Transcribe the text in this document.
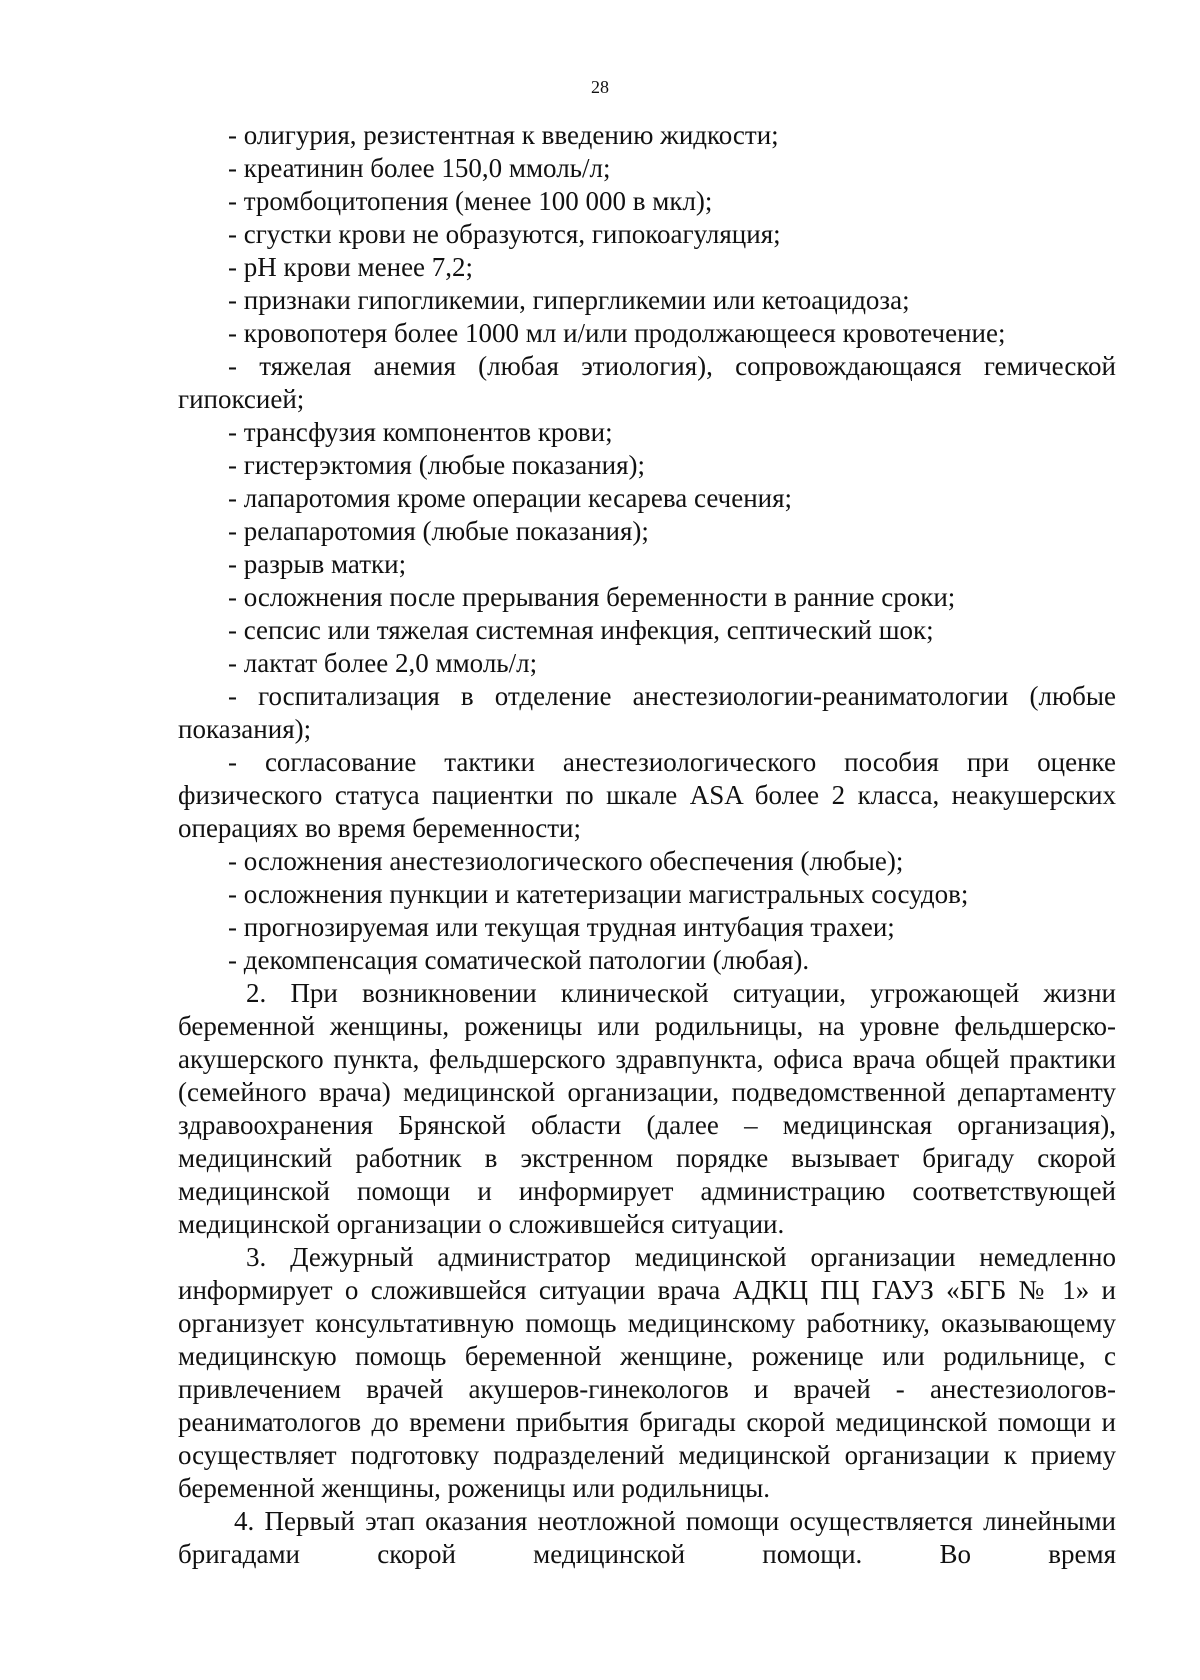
28

- олигурия, резистентная к введению жидкости;

- креатинин более 150,0 ммоль/л;

- тромбоцитопения (менее 100 000 в мкл);

- сгустки крови не образуются, гипокоагуляция;

- pH крови менее 7,2;

- признаки гипогликемии, гипергликемии или кетоацидоза;

- кровопотеря более 1000 мл и/или продолжающееся кровотечение;

- тяжелая анемия (любая этиология), сопровождающаяся гемической гипоксией;

- трансфузия компонентов крови;

- гистерэктомия (любые показания);

- лапаротомия кроме операции кесарева сечения;

- релапаротомия (любые показания);

- разрыв матки;

- осложнения после прерывания беременности в ранние сроки;

- сепсис или тяжелая системная инфекция, септический шок;

- лактат более 2,0 ммоль/л;

- госпитализация в отделение анестезиологии-реаниматологии (любые показания);

- согласование тактики анестезиологического пособия при оценке физического статуса пациентки по шкале ASA более 2 класса, неакушерских операциях во время беременности;

- осложнения анестезиологического обеспечения (любые);

- осложнения пункции и катетеризации магистральных сосудов;

- прогнозируемая или текущая трудная интубация трахеи;

- декомпенсация соматической патологии (любая).

2. При возникновении клинической ситуации, угрожающей жизни беременной женщины, роженицы или родильницы, на уровне фельдшерско-акушерского пункта, фельдшерского здравпункта, офиса врача общей практики (семейного врача) медицинской организации, подведомственной департаменту здравоохранения Брянской области (далее – медицинская организация), медицинский работник в экстренном порядке вызывает бригаду скорой медицинской помощи и информирует администрацию соответствующей медицинской организации о сложившейся ситуации.

3. Дежурный администратор медицинской организации немедленно информирует о сложившейся ситуации врача АДКЦ ПЦ ГАУЗ «БГБ № 1» и организует консультативную помощь медицинскому работнику, оказывающему медицинскую помощь беременной женщине, роженице или родильнице, с привлечением врачей акушеров-гинекологов и врачей - анестезиологов-реаниматологов до времени прибытия бригады скорой медицинской помощи и осуществляет подготовку подразделений медицинской организации к приему беременной женщины, роженицы или родильницы.

4. Первый этап оказания неотложной помощи осуществляется линейными бригадами скорой медицинской помощи. Во время
